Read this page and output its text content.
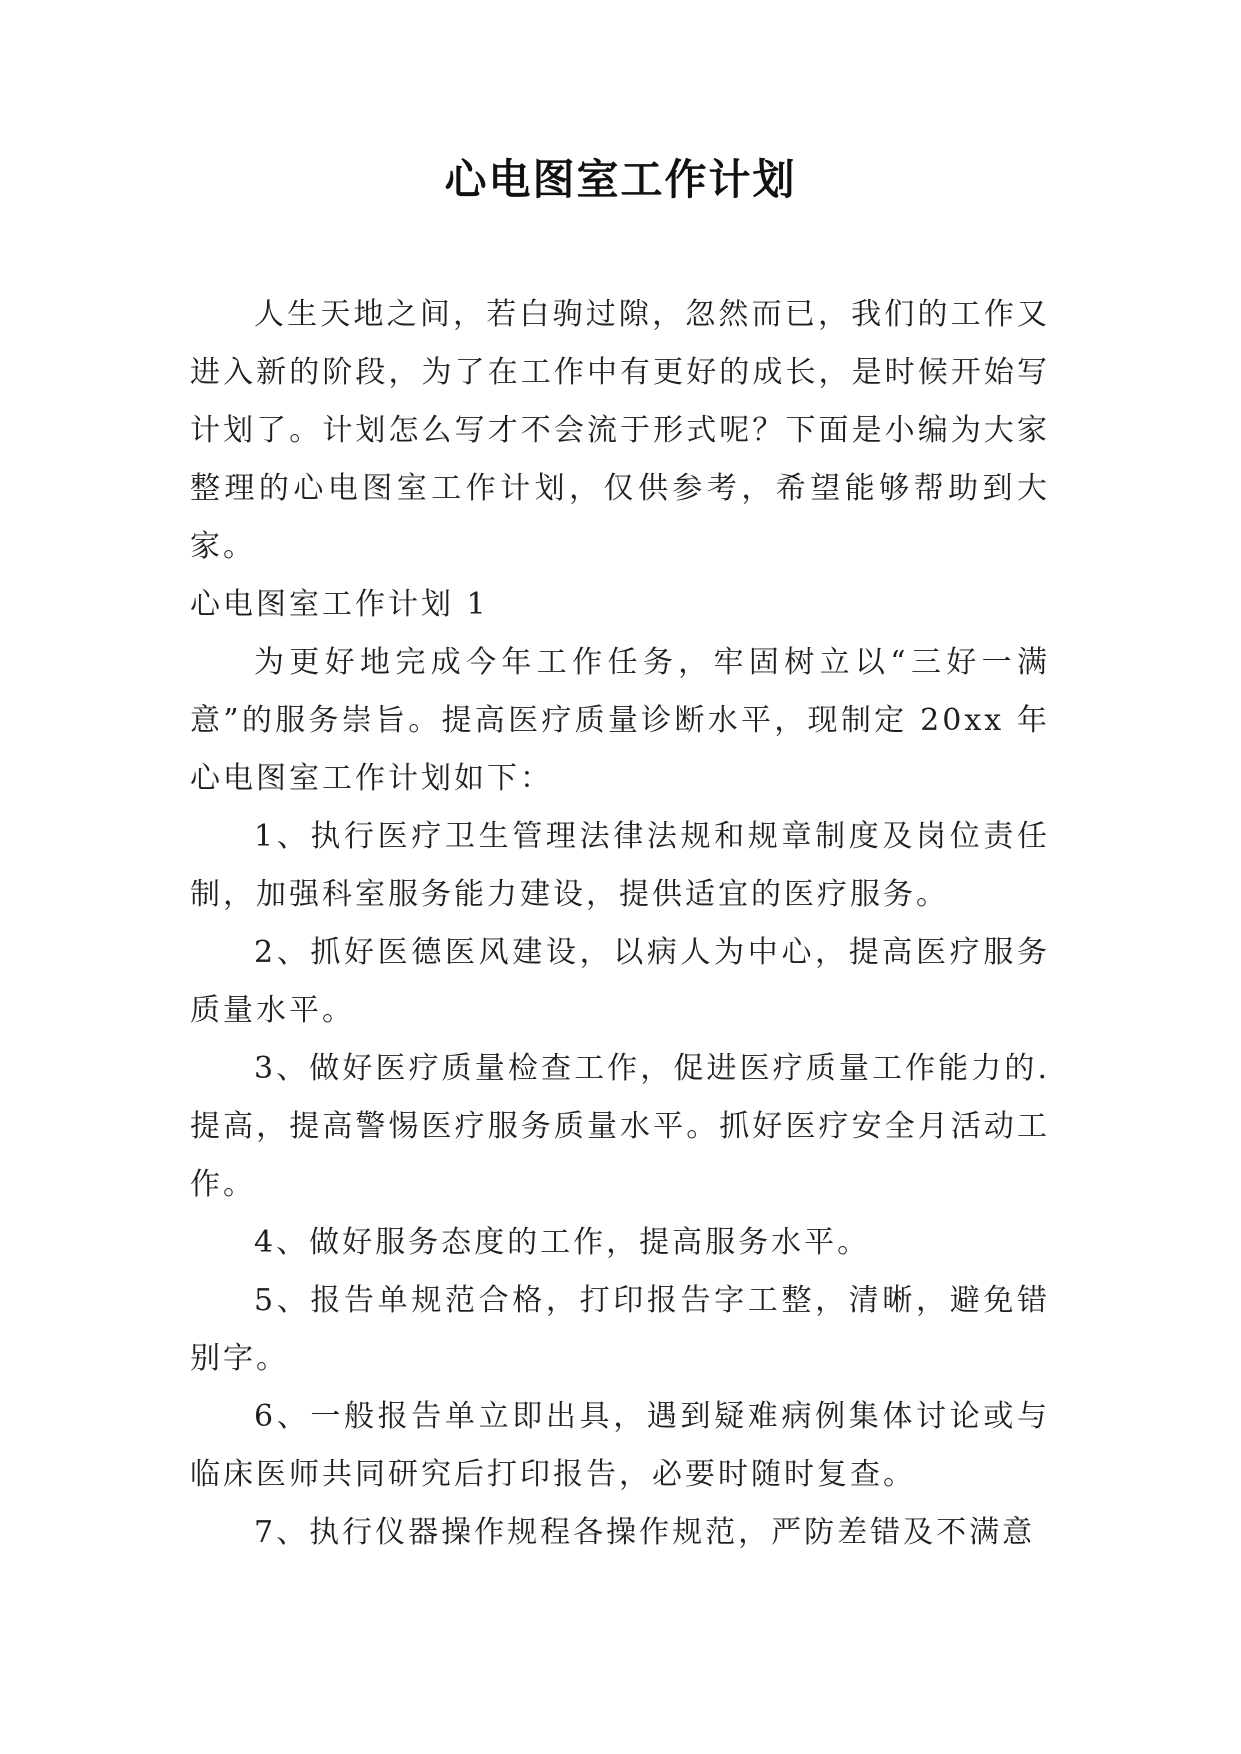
心电图室工作计划

人生天地之间，若白驹过隙，忽然而已，我们的工作又进入新的阶段，为了在工作中有更好的成长，是时候开始写计划了。计划怎么写才不会流于形式呢？下面是小编为大家整理的心电图室工作计划，仅供参考，希望能够帮助到大家。

心电图室工作计划 1

为更好地完成今年工作任务，牢固树立以“三好一满意”的服务崇旨。提高医疗质量诊断水平，现制定 20xx 年心电图室工作计划如下：

1、执行医疗卫生管理法律法规和规章制度及岗位责任制，加强科室服务能力建设，提供适宜的医疗服务。

2、抓好医德医风建设，以病人为中心，提高医疗服务质量水平。

3、做好医疗质量检查工作，促进医疗质量工作能力的.提高，提高警惕医疗服务质量水平。抓好医疗安全月活动工作。

4、做好服务态度的工作，提高服务水平。

5、报告单规范合格，打印报告字工整，清晰，避免错别字。

6、一般报告单立即出具，遇到疑难病例集体讨论或与临床医师共同研究后打印报告，必要时随时复查。

7、执行仪器操作规程各操作规范，严防差错及不满意
